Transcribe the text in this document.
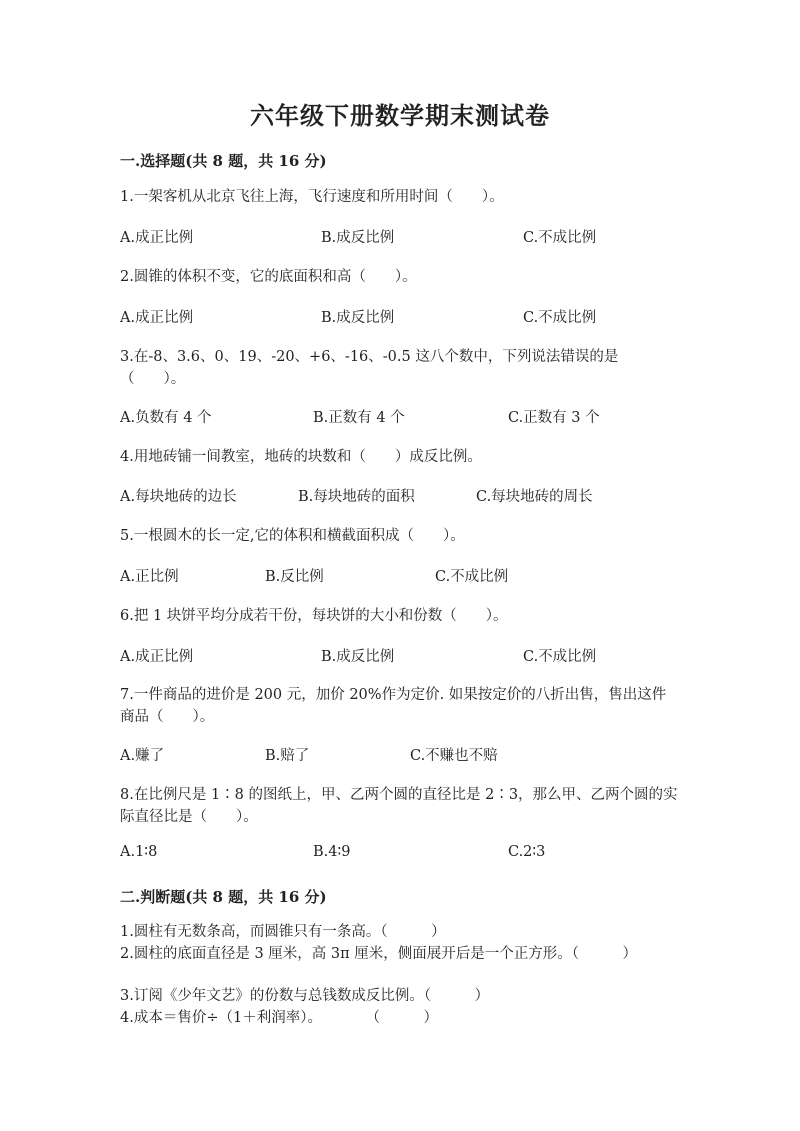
六年级下册数学期末测试卷
一.选择题(共 8 题，共 16 分)
1.一架客机从北京飞往上海，飞行速度和所用时间（　　）。
A.成正比例	B.成反比例	C.不成比例
2.圆锥的体积不变，它的底面积和高（　　）。
A.成正比例	B.成反比例	C.不成比例
3.在-8、3.6、0、19、-20、+6、-16、-0.5 这八个数中，下列说法错误的是（　　）。
A.负数有 4 个	B.正数有 4 个	C.正数有 3 个
4.用地砖铺一间教室，地砖的块数和（　　）成反比例。
A.每块地砖的边长	B.每块地砖的面积	C.每块地砖的周长
5.一根圆木的长一定,它的体积和横截面积成（　　）。
A.正比例	B.反比例	C.不成比例
6.把 1 块饼平均分成若干份，每块饼的大小和份数（　　）。
A.成正比例	B.成反比例	C.不成比例
7.一件商品的进价是 200 元，加价 20%作为定价. 如果按定价的八折出售，售出这件商品（　　）。
A.赚了	B.赔了	C.不赚也不赔
8.在比例尺是 1∶8 的图纸上，甲、乙两个圆的直径比是 2∶3，那么甲、乙两个圆的实际直径比是（　　）。
A.1∶8	B.4∶9	C.2∶3
二.判断题(共 8 题，共 16 分)
1.圆柱有无数条高，而圆锥只有一条高。（　　　）
2.圆柱的底面直径是 3 厘米，高 3π 厘米，侧面展开后是一个正方形。（　　　）
3.订阅《少年文艺》的份数与总钱数成反比例。（　　　）
4.成本＝售价÷（1＋利润率）。　　　　（　　　）
